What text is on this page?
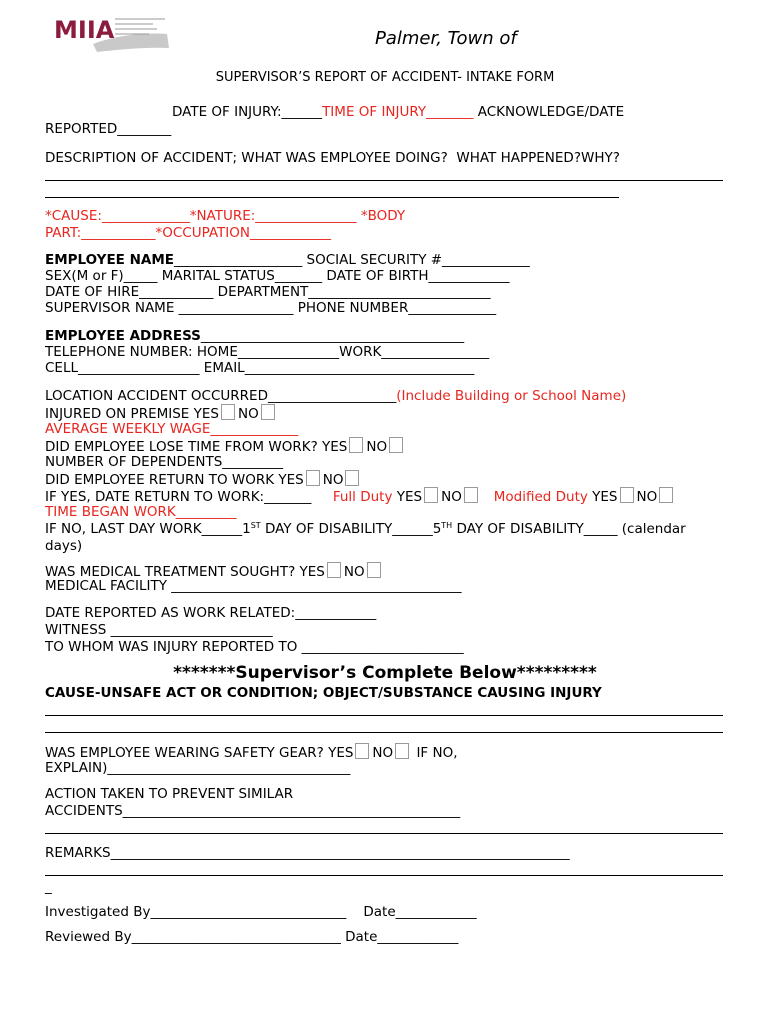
MIIA	Palmer, Town of
SUPERVISOR’S REPORT OF ACCIDENT- INTAKE FORM
DATE OF INJURY:______TIME OF INJURY_______ ACKNOWLEDGE/DATE
REPORTED________
DESCRIPTION OF ACCIDENT; WHAT WAS EMPLOYEE DOING?  WHAT HAPPENED?WHY?
*CAUSE:_____________*NATURE:_______________ *BODY
PART:___________*OCCUPATION____________
EMPLOYEE NAME___________________ SOCIAL SECURITY #_____________
SEX(M or F)_____ MARITAL STATUS_______ DATE OF BIRTH____________
DATE OF HIRE___________ DEPARTMENT___________________________
SUPERVISOR NAME _________________ PHONE NUMBER_____________
EMPLOYEE ADDRESS_______________________________________
TELEPHONE NUMBER: HOME_______________WORK________________
CELL__________________ EMAIL__________________________________
LOCATION ACCIDENT OCCURRED___________________(Include Building or School Name)
INJURED ON PREMISE YES NO
AVERAGE WEEKLY WAGE_____________
DID EMPLOYEE LOSE TIME FROM WORK? YES NO
NUMBER OF DEPENDENTS_________
DID EMPLOYEE RETURN TO WORK YES NO
IF YES, DATE RETURN TO WORK:_______ Full Duty YES NO Modified Duty YES NO
TIME BEGAN WORK_________
IF NO, LAST DAY WORK______1ST DAY OF DISABILITY______5TH DAY OF DISABILITY_____ (calendar
days)
WAS MEDICAL TREATMENT SOUGHT? YES NO
MEDICAL FACILITY ___________________________________________
DATE REPORTED AS WORK RELATED:____________
WITNESS ________________________
TO WHOM WAS INJURY REPORTED TO ________________________
*******Supervisor’s Complete Below*********
CAUSE-UNSAFE ACT OR CONDITION; OBJECT/SUBSTANCE CAUSING INJURY
WAS EMPLOYEE WEARING SAFETY GEAR? YES NO IF NO,
EXPLAIN)____________________________________
ACTION TAKEN TO PREVENT SIMILAR
ACCIDENTS__________________________________________________
REMARKS____________________________________________________________________
_
Investigated By_____________________________    Date____________
Reviewed By_______________________________ Date____________
